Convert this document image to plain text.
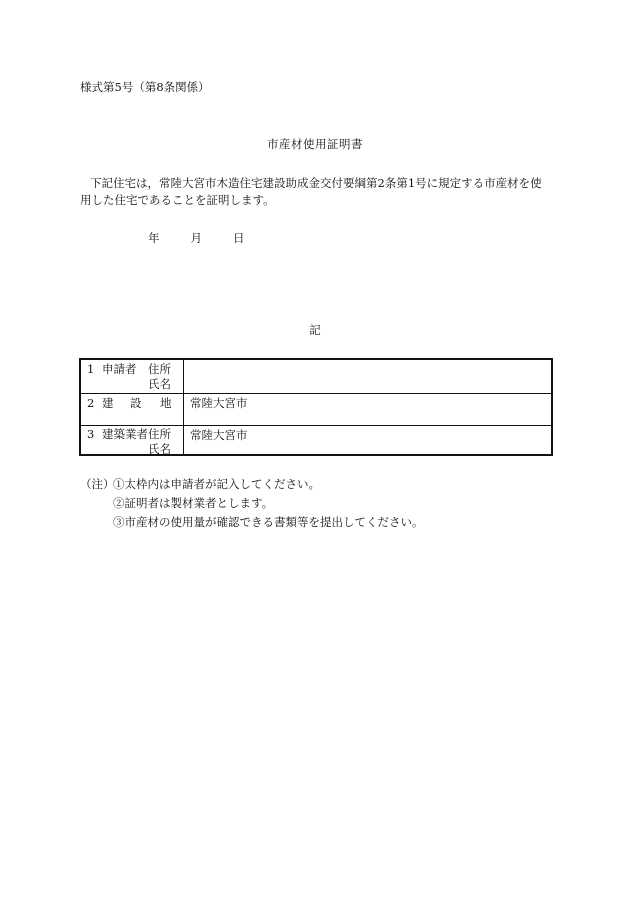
様式第5号（第8条関係）
市産材使用証明書
下記住宅は，常陸大宮市木造住宅建設助成金交付要綱第2条第1号に規定する市産材を使
用した住宅であることを証明します。
年	月	日
記
1 申請者 住所
氏名
2 建 設 地 常陸大宮市
3 建築業者 住所
氏名
常陸大宮市
（注）
①太枠内は申請者が記入してください。
②証明者は製材業者とします。
③市産材の使用量が確認できる書類等を提出してください。
